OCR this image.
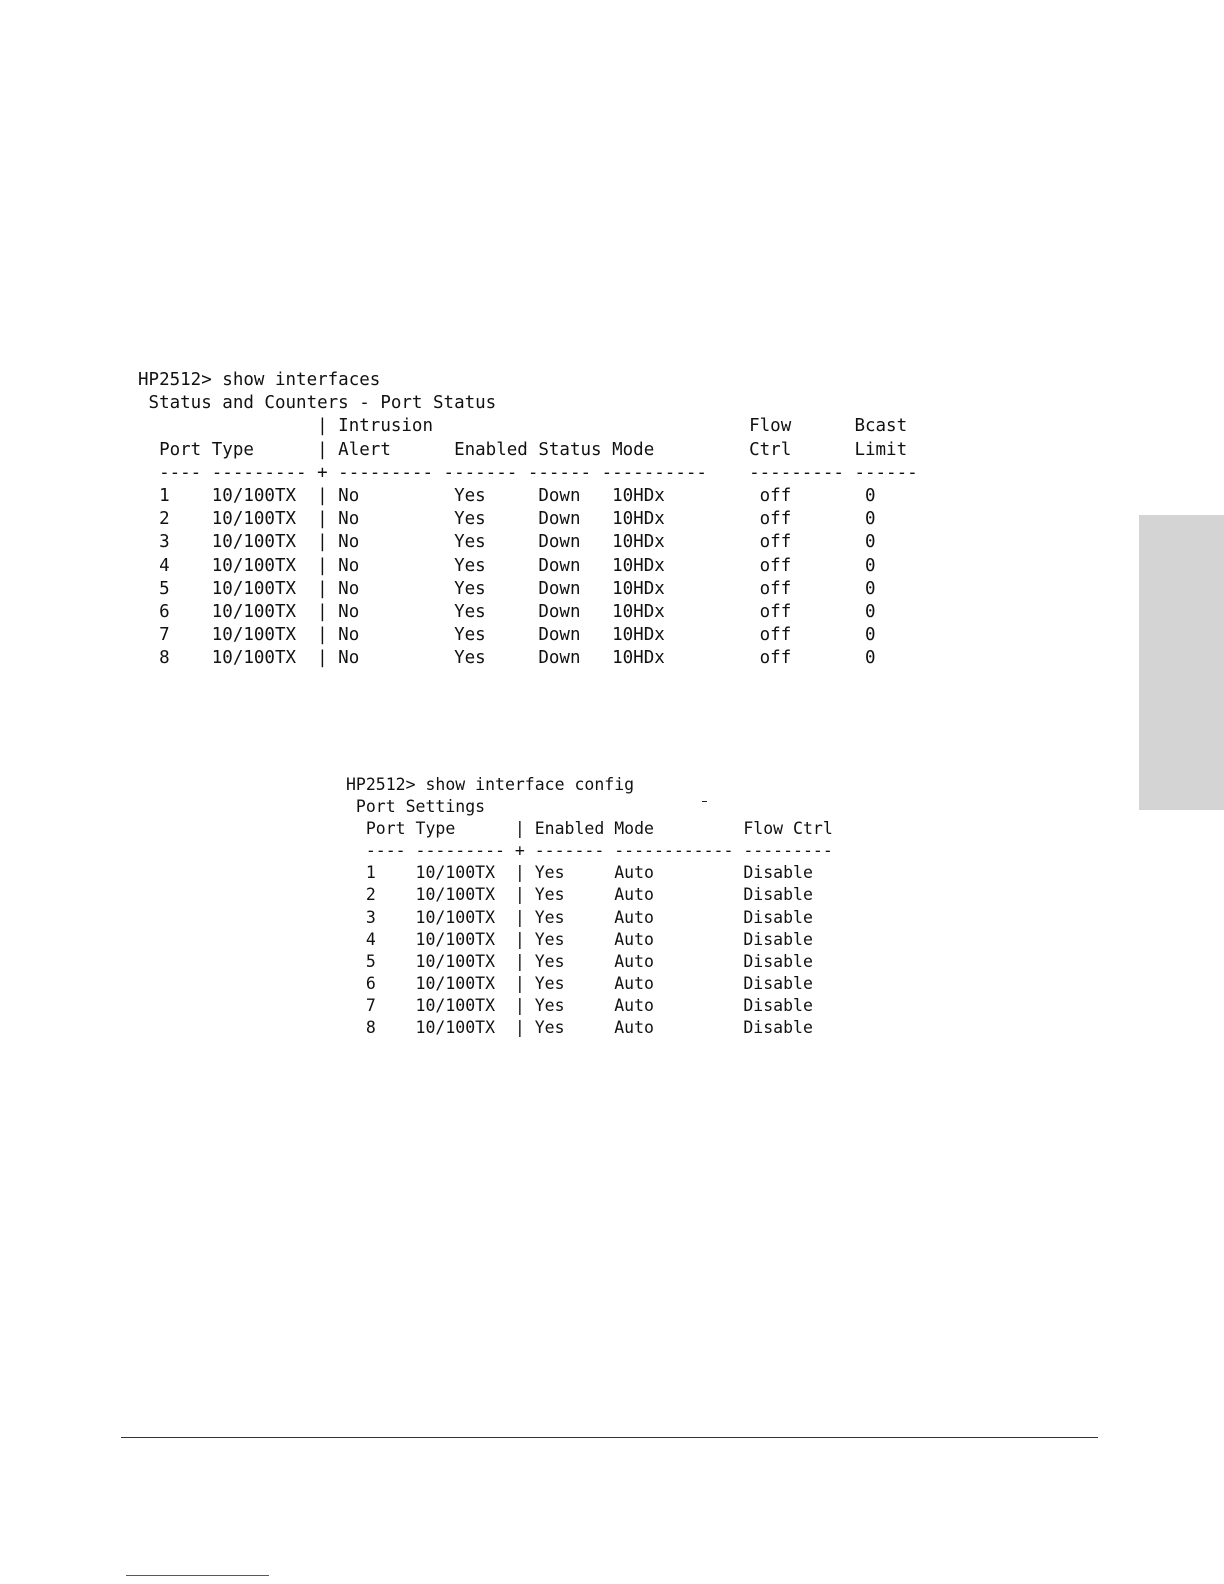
HP2512> show interfaces
Status and Counters - Port Status
| Intrusion                              Flow      Bcast
Port Type      | Alert      Enabled Status Mode         Ctrl      Limit
---- --------- + --------- ------- ------ ----------    --------- ------
1    10/100TX  | No         Yes     Down   10HDx         off       0
2    10/100TX  | No         Yes     Down   10HDx         off       0
3    10/100TX  | No         Yes     Down   10HDx         off       0
4    10/100TX  | No         Yes     Down   10HDx         off       0
5    10/100TX  | No         Yes     Down   10HDx         off       0
6    10/100TX  | No         Yes     Down   10HDx         off       0
7    10/100TX  | No         Yes     Down   10HDx         off       0
8    10/100TX  | No         Yes     Down   10HDx         off       0
HP2512> show interface config
Port Settings
Port Type      | Enabled Mode         Flow Ctrl
---- --------- + ------- ------------ ---------
1    10/100TX  | Yes     Auto         Disable
2    10/100TX  | Yes     Auto         Disable
3    10/100TX  | Yes     Auto         Disable
4    10/100TX  | Yes     Auto         Disable
5    10/100TX  | Yes     Auto         Disable
6    10/100TX  | Yes     Auto         Disable
7    10/100TX  | Yes     Auto         Disable
8    10/100TX  | Yes     Auto         Disable
